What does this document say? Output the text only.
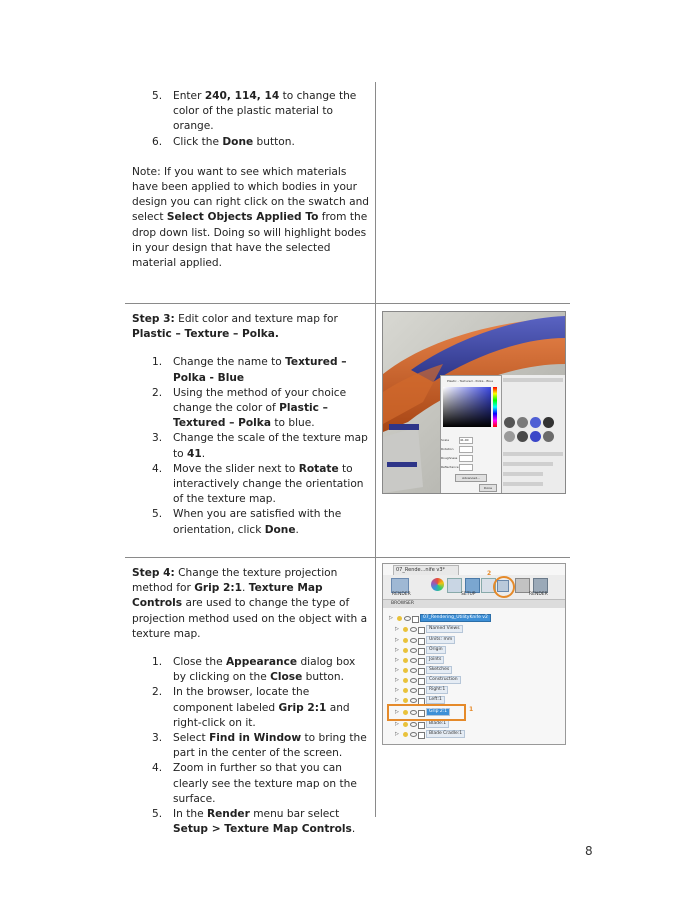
5. Enter 240, 114, 14 to change the color of the plastic material to orange.
6. Click the Done button.

Note: If you want to see which materials have been applied to which bodies in your design you can right click on the swatch and select Select Objects Applied To from the drop down list. Doing so will highlight bodes in your design that have the selected material applied.

Step 3: Edit color and texture map for Plastic – Texture – Polka.

1. Change the name to Textured – Polka - Blue
2. Using the method of your choice change the color of Plastic – Textured – Polka to blue.
3. Change the scale of the texture map to 41.
4. Move the slider next to Rotate to interactively change the orientation of the texture map.
5. When you are satisfied with the orientation, click Done.
Plastic - Textured - Polka - Blue
Scale
Rotation
Roughness
Reflectance
41.00
Advanced...
Done

Step 4: Change the texture projection method for Grip 2:1. Texture Map Controls are used to change the type of projection method used on the object with a texture map.

1. Close the Appearance dialog box by clicking on the Close button.
2. In the browser, locate the component labeled Grip 2:1 and right-click on it.
3. Select Find in Window to bring the part in the center of the screen.
4. Zoom in further so that you can clearly see the texture map on the surface.
5. In the Render menu bar select Setup > Texture Map Controls.
07_Rende...nife v3*
RENDER
2
SETUP	RENDER
BROWSER
▷	07_Rendering_UtilityKnife v2
▷	Named Views
▷	Units: mm
▷	Origin
▷	Joints
▷	Sketches
▷	Construction
▷	Right:1
▷	Left:1
▷	Grip 2:1
▷	Blade:1
▷	Blade Cradle:1
1
8
